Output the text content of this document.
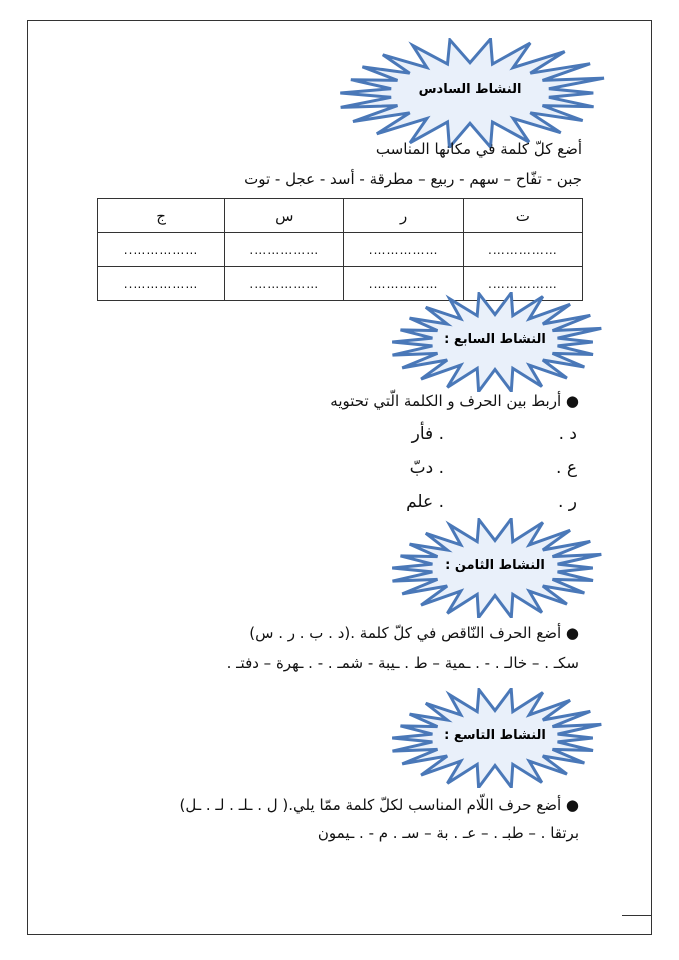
النشاط السادس
أضع كلّ كلمة في مكانها المناسب
جبن - تفّاح – سهم - ربيع – مطرقة - أسد - عجل - توت
ت	ر	س	ج
…………….	…………….	…………….	……………..
…………….	…………….	…………….	……………..
النشاط السابع :
● أربط بين الحرف و الكلمة الّتي تحتويه
د .
. فأر
ع .
. دبّ
ر .
. علم
النشاط الثامن :
● أضع الحرف النّاقص في كلّ كلمة .(د . ب . ر . س)
سكـ . – خالـ . - . ـمية – ط . ـيبة - شمـ . - . ـهرة – دفتـ .
النشاط التاسع :
● أضع حرف اللّام المناسب لكلّ كلمة ممّا يلي.( ل . ـلـ . لـ . ـل)
برتقا . – طبـ . – عـ . بة – سـ . م - . ـيمون
